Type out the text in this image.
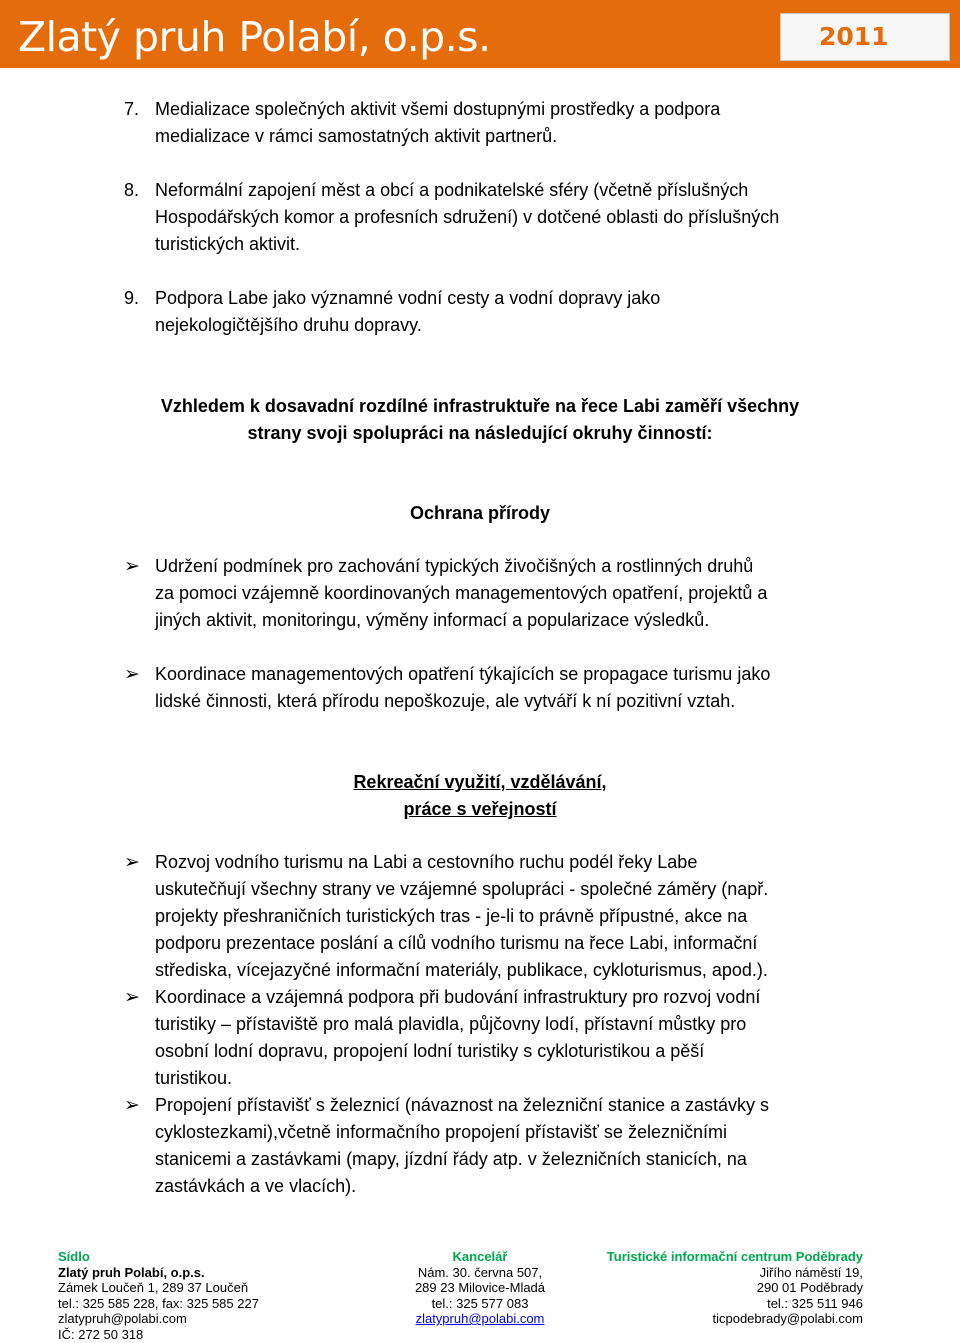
Zlatý pruh Polabí, o.p.s.	2011
7. Medializace společných aktivit všemi dostupnými prostředky a podpora
medializace v rámci samostatných aktivit partnerů.
8. Neformální zapojení měst a obcí a podnikatelské sféry (včetně příslušných
Hospodářských komor a profesních sdružení) v dotčené oblasti do příslušných
turistických aktivit.
9. Podpora Labe jako významné vodní cesty a vodní dopravy jako
nejekologičtějšího druhu dopravy.
Vzhledem k dosavadní rozdílné infrastruktuře na řece Labi zaměří všechny
strany svoji spolupráci na následující okruhy činností:
Ochrana přírody
➢ Udržení podmínek pro zachování typických živočišných a rostlinných druhů
za pomoci vzájemně koordinovaných managementových opatření, projektů a
jiných aktivit, monitoringu, výměny informací a popularizace výsledků.
➢ Koordinace managementových opatření týkajících se propagace turismu jako
lidské činnosti, která přírodu nepoškozuje, ale vytváří k ní pozitivní vztah.
Rekreační využití, vzdělávání,
práce s veřejností
➢ Rozvoj vodního turismu na Labi a cestovního ruchu podél řeky Labe
uskutečňují všechny strany ve vzájemné spolupráci - společné záměry (např.
projekty přeshraničních turistických tras - je-li to právně přípustné, akce na
podporu prezentace poslání a cílů vodního turismu na řece Labi, informační
střediska, vícejazyčné informační materiály, publikace, cykloturismus, apod.).
➢ Koordinace a vzájemná podpora při budování infrastruktury pro rozvoj vodní
turistiky – přístaviště pro malá plavidla, půjčovny lodí, přístavní můstky pro
osobní lodní dopravu, propojení lodní turistiky s cykloturistikou a pěší
turistikou.
➢ Propojení přístavišť s železnicí (návaznost na železniční stanice a zastávky s
cyklostezkami),včetně informačního propojení přístavišť se železničními
stanicemi a zastávkami (mapy, jízdní řády atp. v železničních stanicích, na
zastávkách a ve vlacích).
Sídlo
Zlatý pruh Polabí, o.p.s.
Zámek Loučeň 1, 289 37 Loučeň
tel.: 325 585 228, fax: 325 585 227
zlatypruh@polabi.com
IČ: 272 50 318
Kancelář
Nám. 30. června 507,
289 23 Milovice-Mladá
tel.: 325 577 083
zlatypruh@polabi.com
Turistické informační centrum Poděbrady
Jiřího náměstí 19,
290 01 Poděbrady
tel.: 325 511 946
ticpodebrady@polabi.com
